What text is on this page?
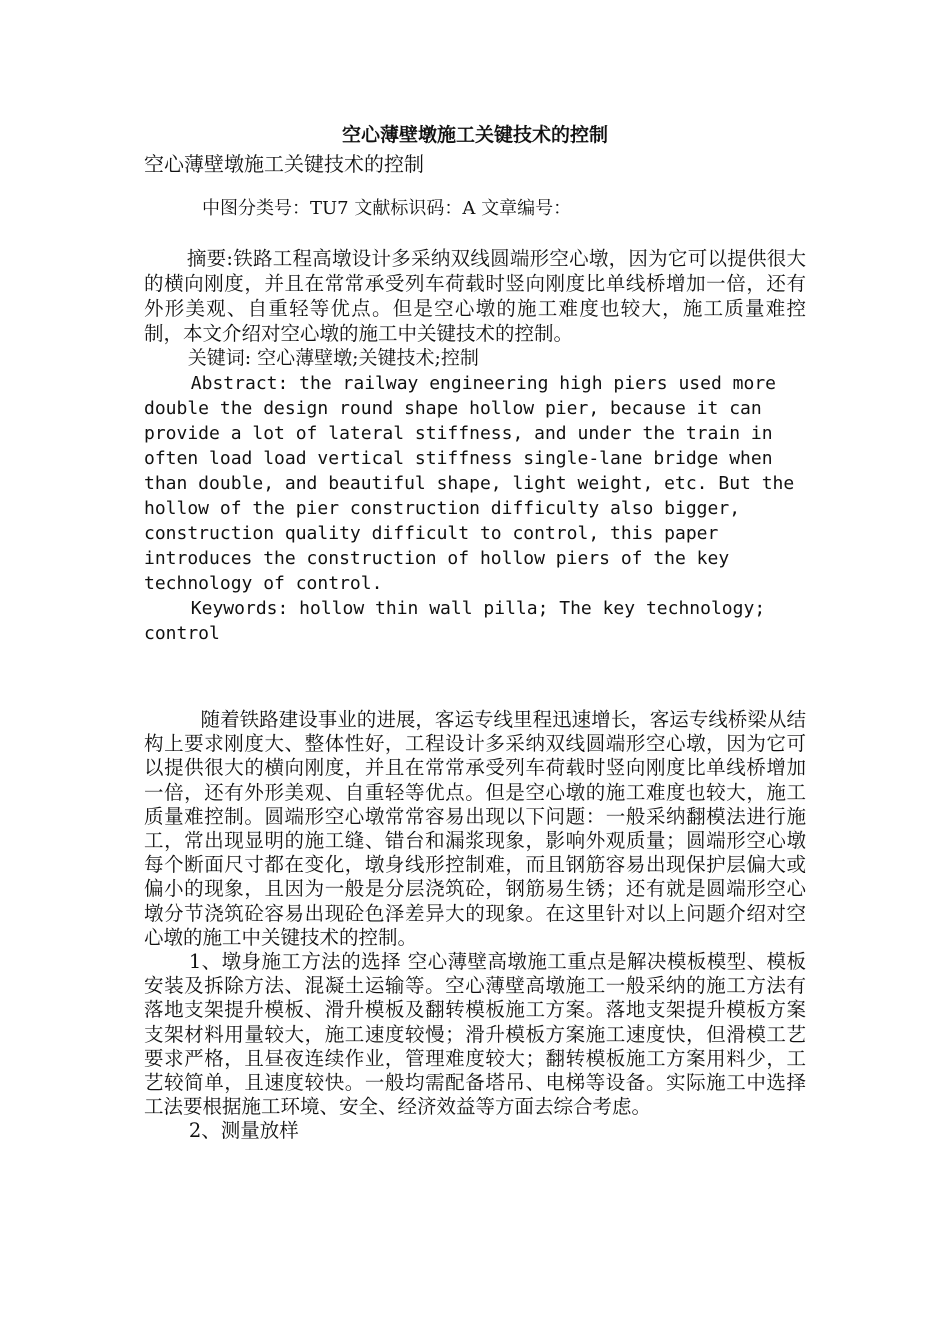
空心薄壁墩施工关键技术的控制

空心薄壁墩施工关键技术的控制

中图分类号：TU7 文献标识码：A 文章编号：

摘要:铁路工程高墩设计多采纳双线圆端形空心墩，因为它可以提供很大的横向刚度，并且在常常承受列车荷载时竖向刚度比单线桥增加一倍，还有外形美观、自重轻等优点。但是空心墩的施工难度也较大，施工质量难控制，本文介绍对空心墩的施工中关键技术的控制。

关键词: 空心薄壁墩;关键技术;控制

Abstract: the railway engineering high piers used more double the design round shape hollow pier, because it can provide a lot of lateral stiffness, and under the train in often load load vertical stiffness single-lane bridge when than double, and beautiful shape, light weight, etc. But the hollow of the pier construction difficulty also bigger, construction quality difficult to control, this paper introduces the construction of hollow piers of the key technology of control.

Keywords: hollow thin wall pilla; The key technology; control

随着铁路建设事业的进展，客运专线里程迅速增长，客运专线桥梁从结构上要求刚度大、整体性好，工程设计多采纳双线圆端形空心墩，因为它可以提供很大的横向刚度，并且在常常承受列车荷载时竖向刚度比单线桥增加一倍，还有外形美观、自重轻等优点。但是空心墩的施工难度也较大，施工质量难控制。圆端形空心墩常常容易出现以下问题：一般采纳翻模法进行施工，常出现显明的施工缝、错台和漏浆现象，影响外观质量；圆端形空心墩每个断面尺寸都在变化，墩身线形控制难，而且钢筋容易出现保护层偏大或偏小的现象，且因为一般是分层浇筑砼，钢筋易生锈；还有就是圆端形空心墩分节浇筑砼容易出现砼色泽差异大的现象。在这里针对以上问题介绍对空心墩的施工中关键技术的控制。

1、墩身施工方法的选择 空心薄壁高墩施工重点是解决模板模型、模板安装及拆除方法、混凝土运输等。空心薄壁高墩施工一般采纳的施工方法有落地支架提升模板、滑升模板及翻转模板施工方案。落地支架提升模板方案支架材料用量较大，施工速度较慢；滑升模板方案施工速度快，但滑模工艺要求严格，且昼夜连续作业，管理难度较大；翻转模板施工方案用料少，工艺较简单，且速度较快。一般均需配备塔吊、电梯等设备。实际施工中选择工法要根据施工环境、安全、经济效益等方面去综合考虑。

2、测量放样
